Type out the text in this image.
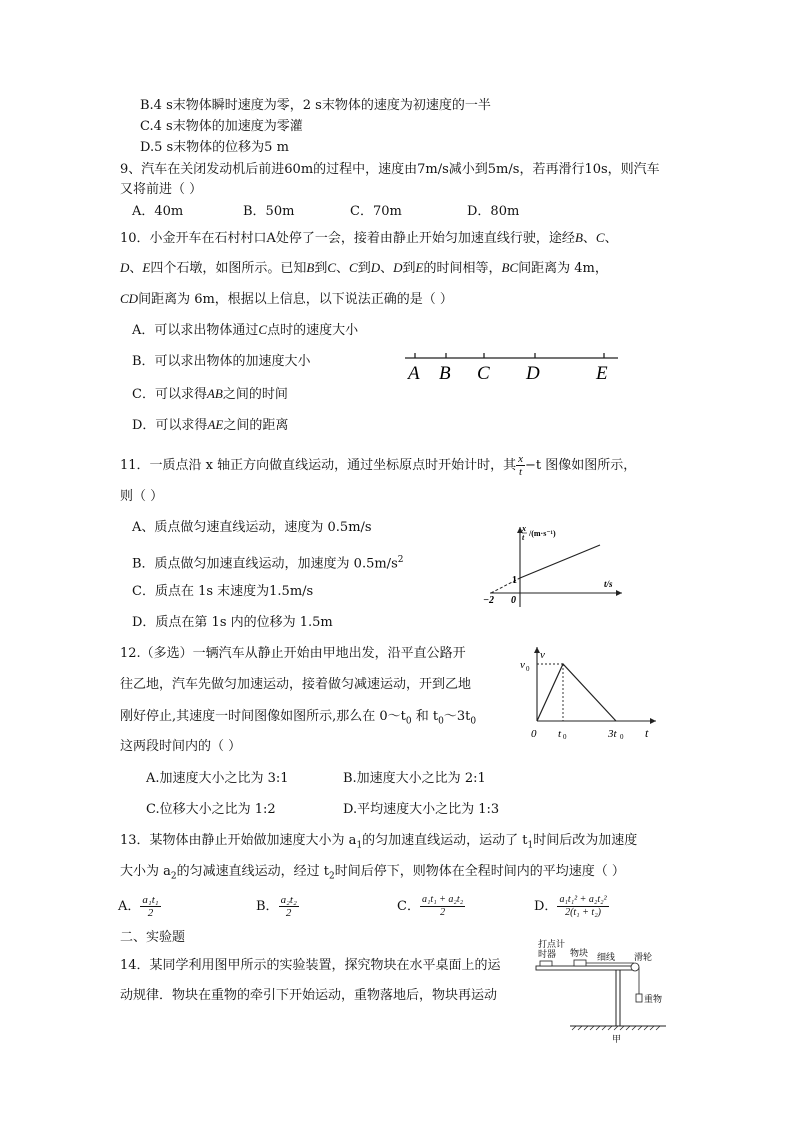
B.4 s末物体瞬时速度为零，2 s末物体的速度为初速度的一半
C.4 s末物体的加速度为零灌
D.5 s末物体的位移为5 m
9、汽车在关闭发动机后前进60m的过程中，速度由7m/s减小到5m/s，若再滑行10s，则汽车
又将前进（ ）
A．40m	B．50m	C．70m	D．80m
10．小金开车在石村村口A处停了一会，接着由静止开始匀加速直线行驶，途经B、C、
D、E四个石墩，如图所示。已知B到C、C到D、D到E的时间相等，BC间距离为 4m，
CD间距离为 6m，根据以上信息，以下说法正确的是（ ）
A．可以求出物体通过C点时的速度大小
B．可以求出物体的加速度大小
C．可以求得AB之间的时间
D．可以求得AE之间的距离
A B C D	E
11．一质点沿 x 轴正方向做直线运动，通过坐标原点时开始计时，其 $\frac{x}{t} -t$ 图像如图所示，
则（ ）
A、质点做匀速直线运动，速度为 0.5m/s
B．质点做匀加速直线运动，加速度为 $0.5m/s^2$
C．质点在 1s 末速度为1.5m/s
D．质点在第 1s 内的位移为 1.5m
x
t /(m·s⁻¹)
t/s
1
−2 0
12.（多选）一辆汽车从静止开始由甲地出发，沿平直公路开
往乙地，汽车先做匀加速运动，接着做匀减速运动，开到乙地
刚好停止,其速度一时间图像如图所示,那么在 $0\sim t_0$ 和 $t_0\sim 3t_0$
这两段时间内的（ ）
A.加速度大小之比为 3:1	B.加速度大小之比为 2:1
C.位移大小之比为 1:2	D.平均速度大小之比为 1:3
v
v 0
0 t 0	3t 0 t
13．某物体由静止开始做加速度大小为 $a_1$的匀加速直线运动，运动了 $t_1$时间后改为加速度
大小为 $a_2$的匀减速直线运动，经过 $t_2$时间后停下，则物体在全程时间内的平均速度（ ）
A． $\frac{\text{a₁t₁}}{2}$	B． $\frac{\text{a₂t₂}}{2}$	C． $\frac{\text{a₁t₁ + a₂t₂}}{2}$	D． $\frac{\text{a₁t₁² + a₂t₂²}}{\text{2(t₁ + t₂)}}$
二、实验题
14．某同学利用图甲所示的实验装置，探究物块在水平桌面上的运
动规律．物块在重物的牵引下开始运动，重物落地后，物块再运动
打点计
时器 物块 细线 滑轮
重物
甲
